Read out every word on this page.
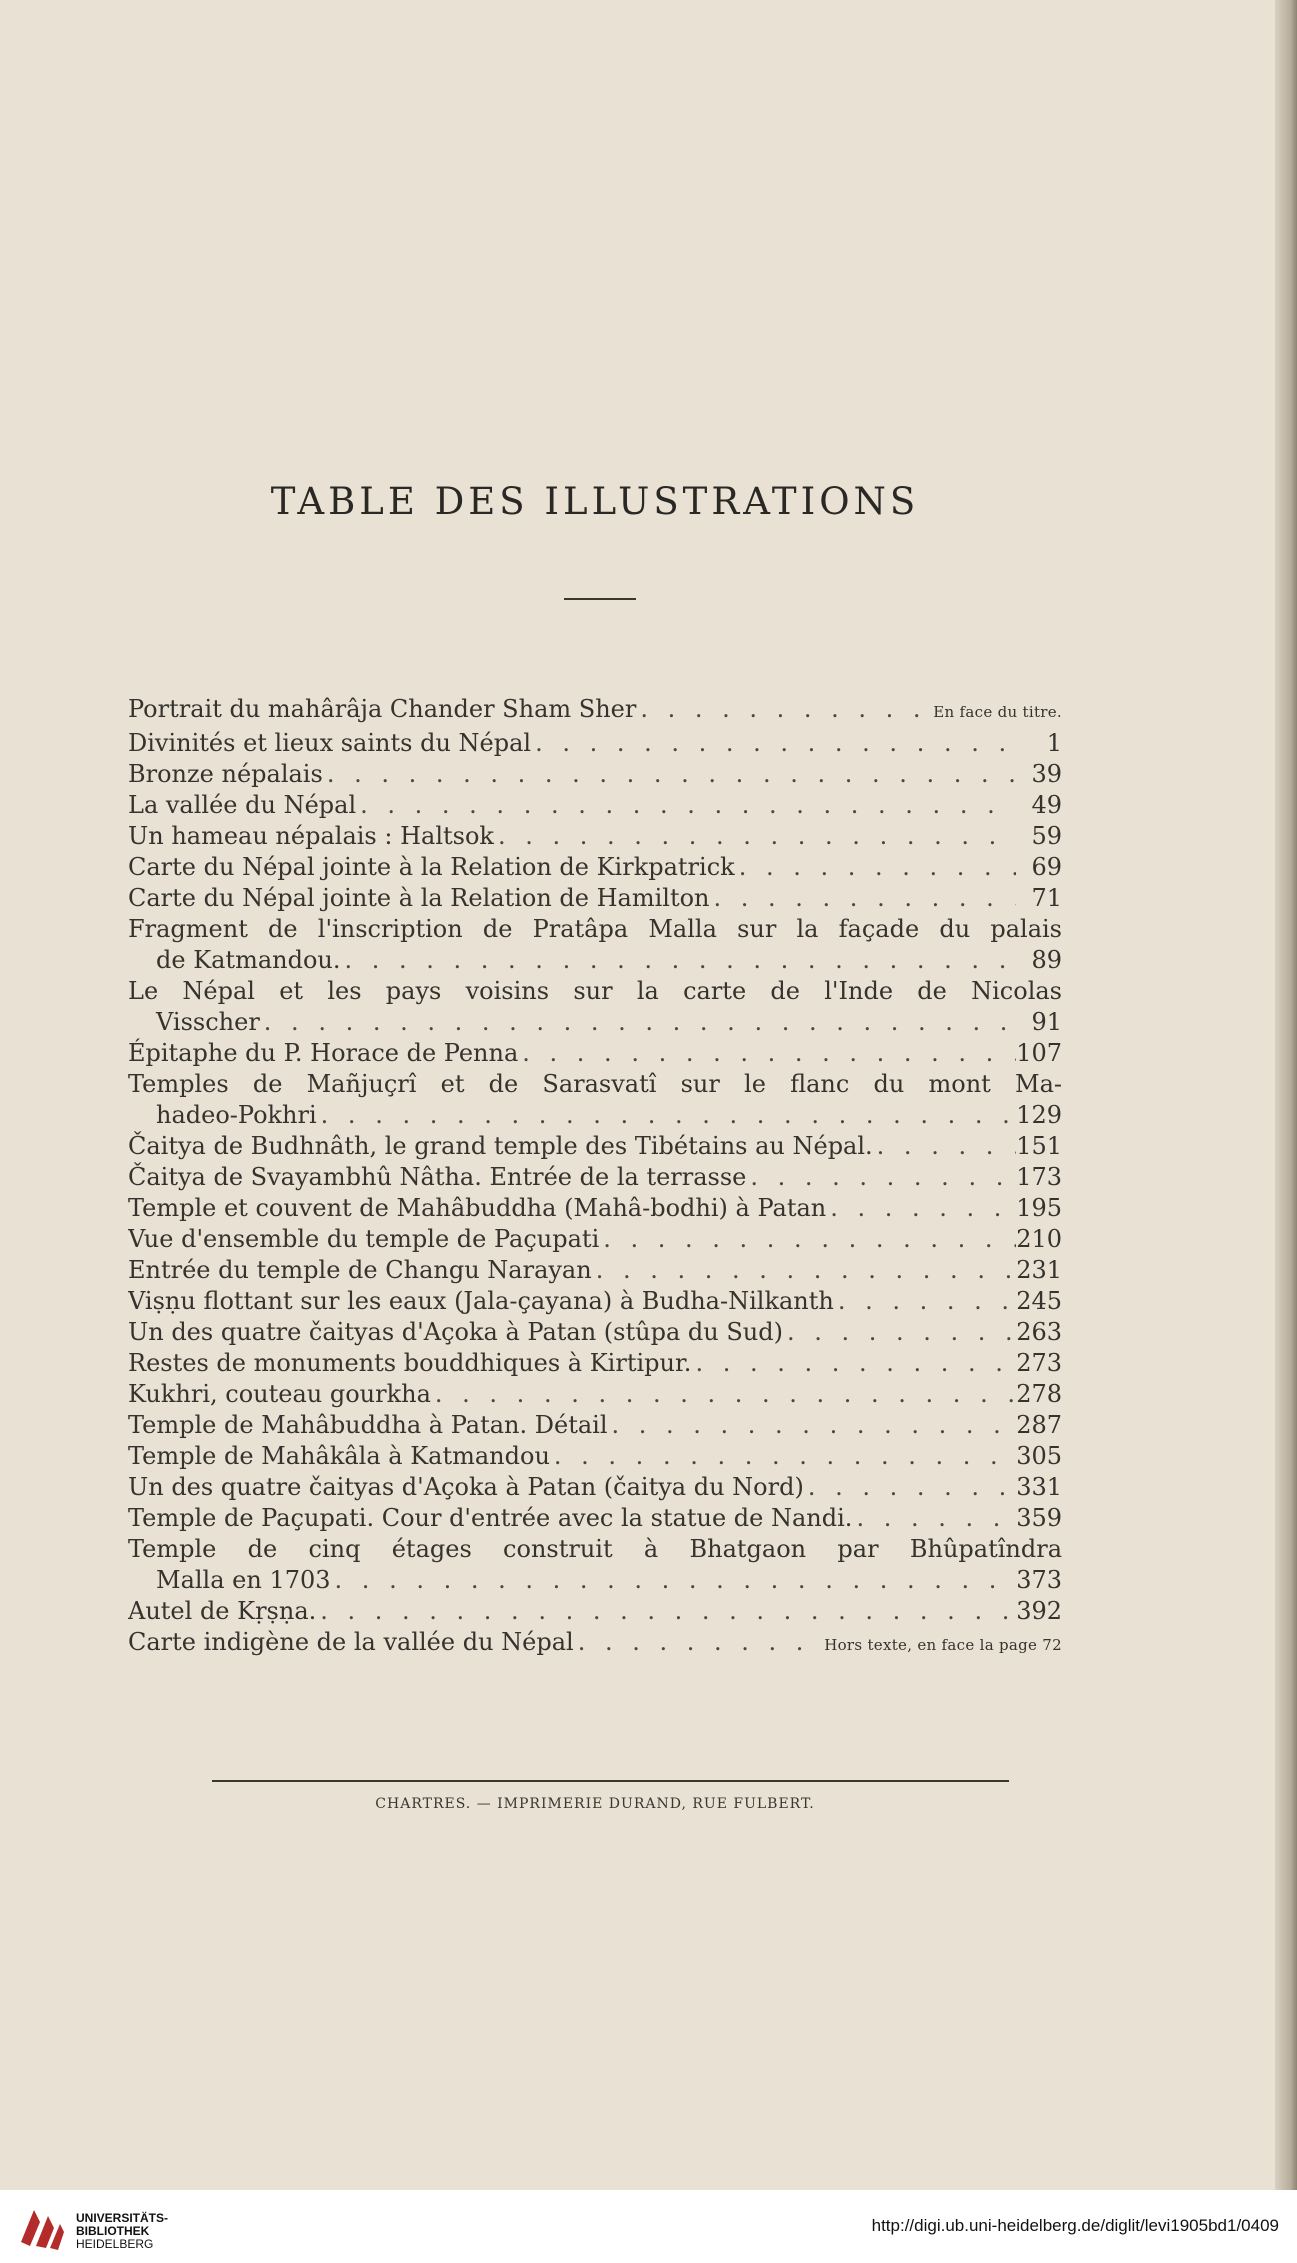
TABLE DES ILLUSTRATIONS
Portrait du mahârâja Chander Sham Sher . . .	En face du titre.
Divinités et lieux saints du Népal . . .	1
Bronze népalais . . .	39
La vallée du Népal . . .	49
Un hameau népalais : Haltsok . . .	59
Carte du Népal jointe à la Relation de Kirkpatrick . . .	69
Carte du Népal jointe à la Relation de Hamilton . . .	71
Fragment de l'inscription de Pratâpa Malla sur la façade du palais
de Katmandou. . . .	89
Le Népal et les pays voisins sur la carte de l'Inde de Nicolas
Visscher . . .	91
Épitaphe du P. Horace de Penna . . .	107
Temples de Mañjuçrî et de Sarasvatî sur le flanc du mont Ma-
hadeo-Pokhri . . .	129
Čaitya de Budhnâth, le grand temple des Tibétains au Népal. . . .	151
Čaitya de Svayambhû Nâtha. Entrée de la terrasse . . .	173
Temple et couvent de Mahâbuddha (Mahâ-bodhi) à Patan . . .	195
Vue d'ensemble du temple de Paçupati . . .	210
Entrée du temple de Changu Narayan . . .	231
Viṣṇu flottant sur les eaux (Jala-çayana) à Budha-Nilkanth . . .	245
Un des quatre čaityas d'Açoka à Patan (stûpa du Sud) . . .	263
Restes de monuments bouddhiques à Kirtipur. . . .	273
Kukhri, couteau gourkha . . .	278
Temple de Mahâbuddha à Patan. Détail . . .	287
Temple de Mahâkâla à Katmandou . . .	305
Un des quatre čaityas d'Açoka à Patan (čaitya du Nord) . . .	331
Temple de Paçupati. Cour d'entrée avec la statue de Nandi. . . .	359
Temple de cinq étages construit à Bhatgaon par Bhûpatîndra
Malla en 1703 . . .	373
Autel de Kṛṣṇa. . . .	392
Carte indigène de la vallée du Népal . . .	Hors texte, en face la page 72
CHARTRES. — IMPRIMERIE DURAND, RUE FULBERT.
UNIVERSITÄTS-
BIBLIOTHEK
HEIDELBERG
http://digi.ub.uni-heidelberg.de/diglit/levi1905bd1/0409
